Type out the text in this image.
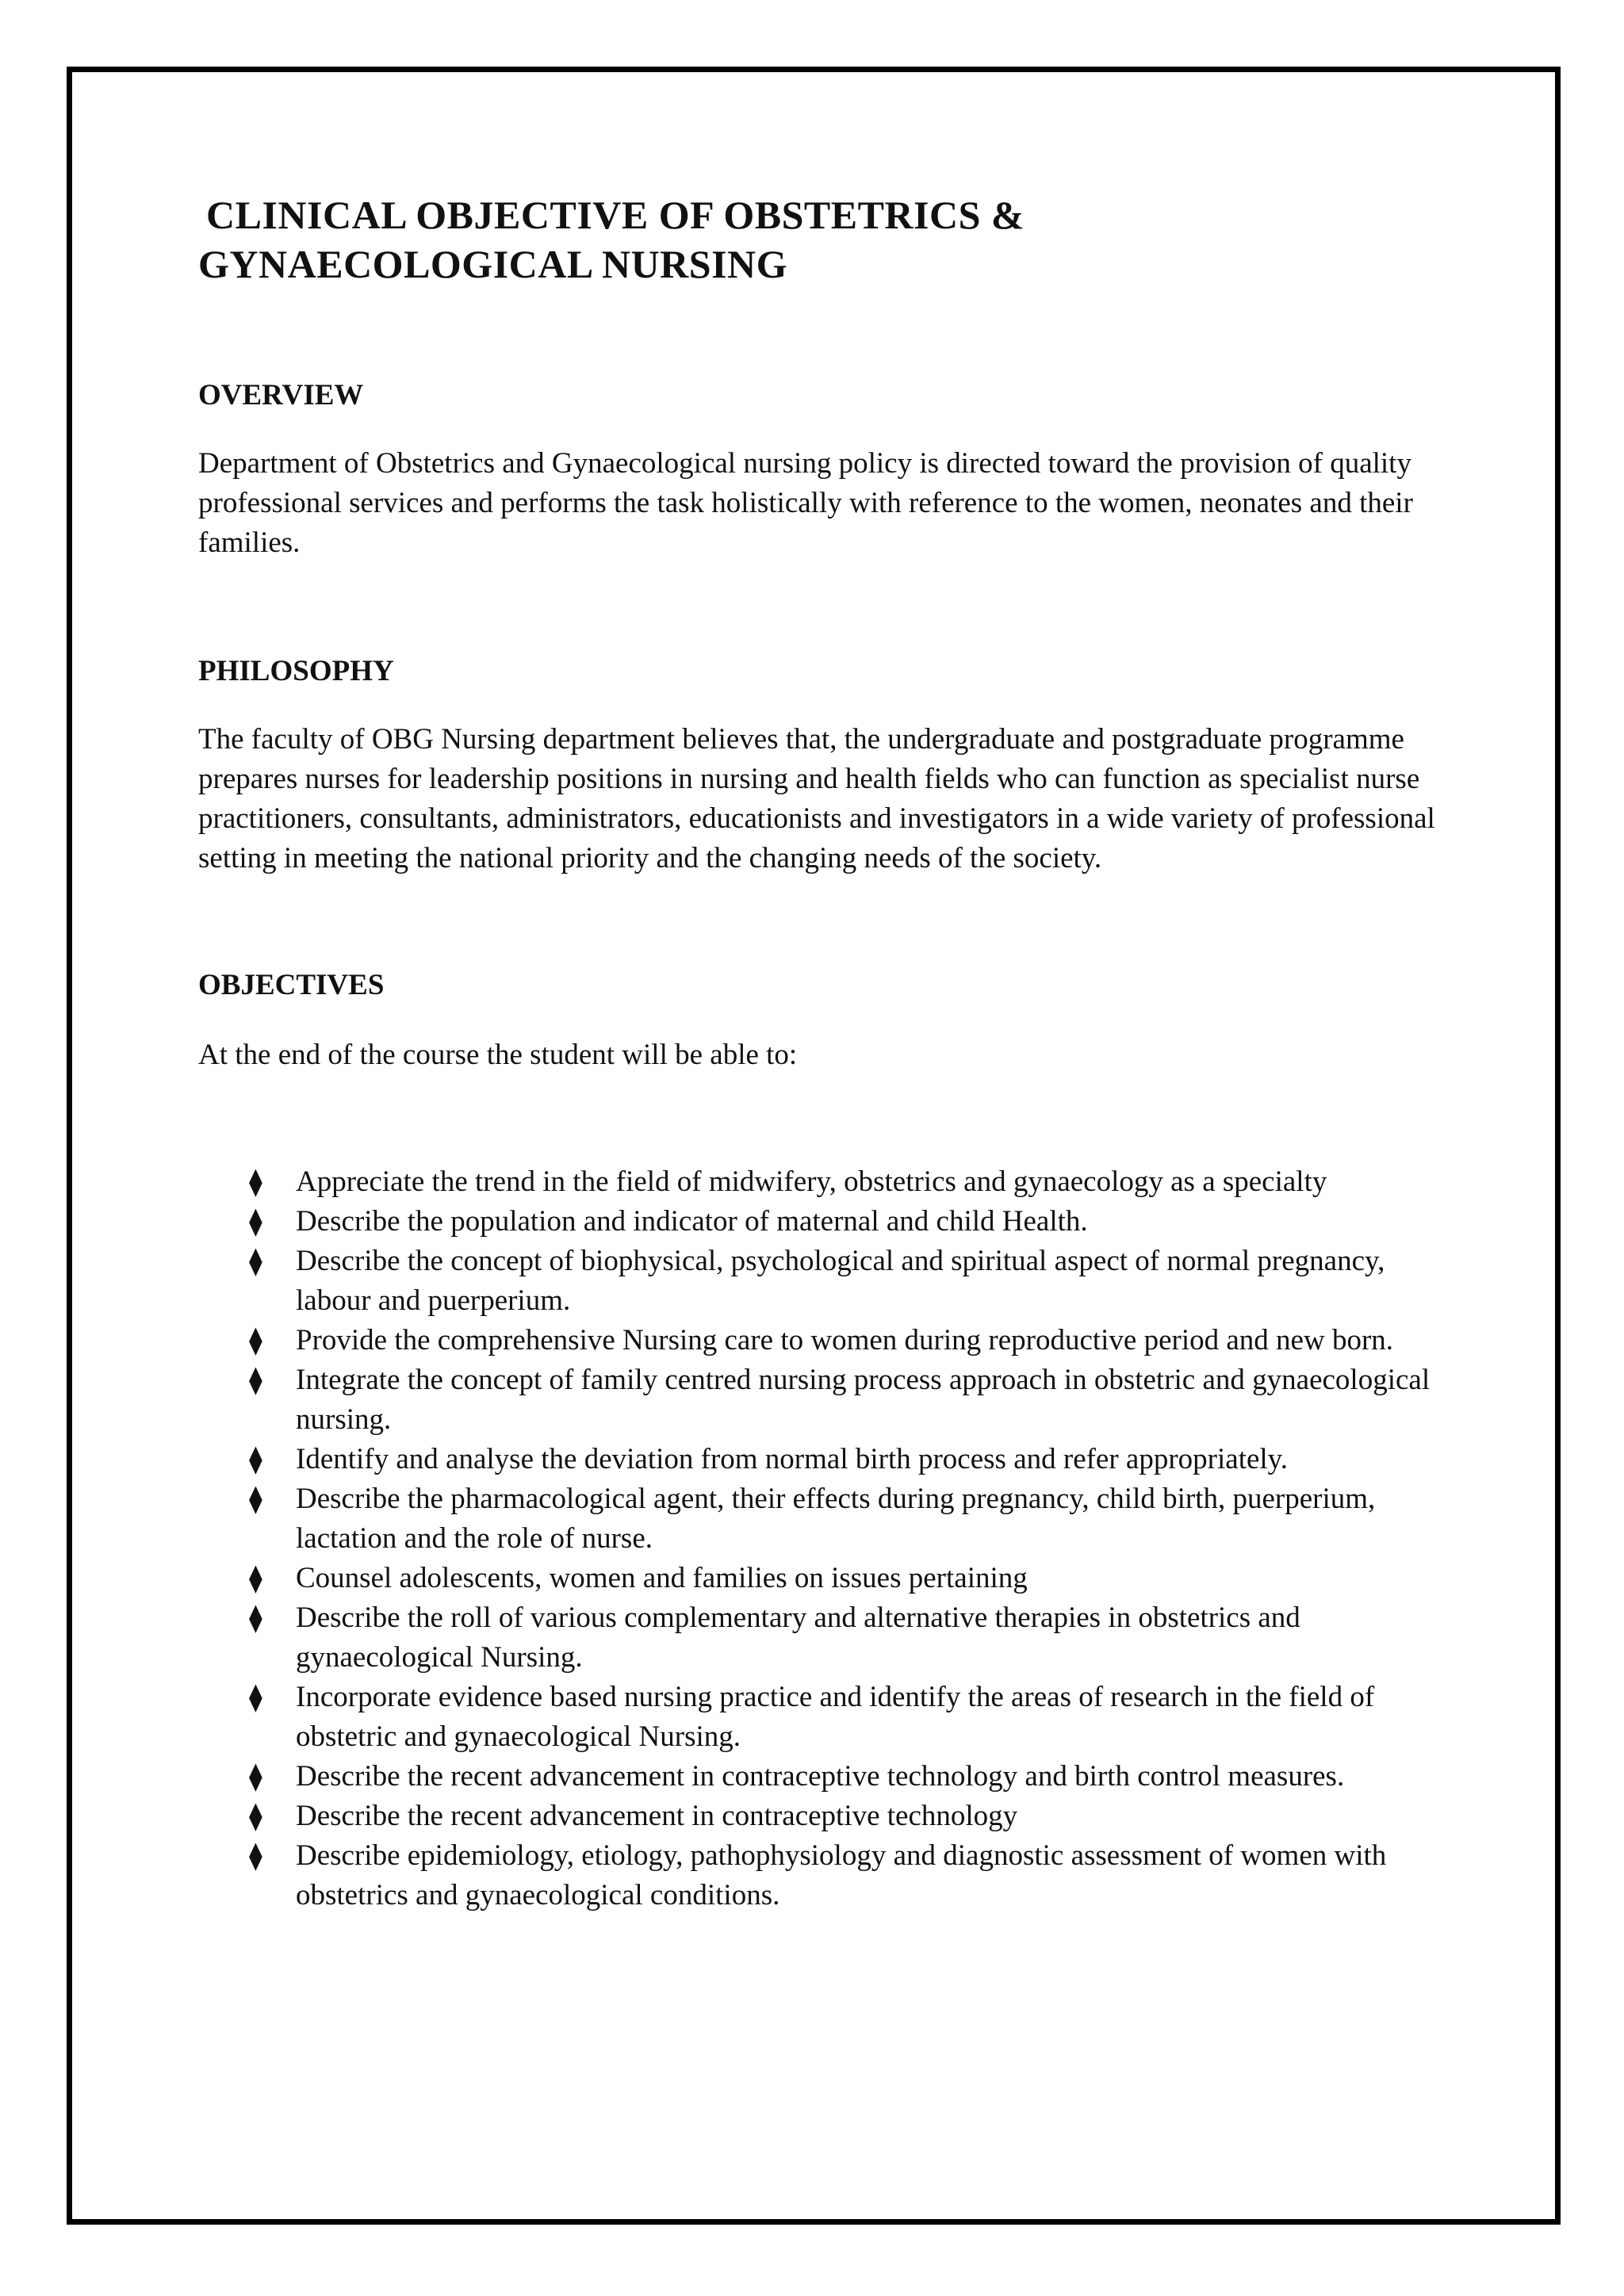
CLINICAL OBJECTIVE OF OBSTETRICS &
GYNAECOLOGICAL NURSING
OVERVIEW

Department of Obstetrics and Gynaecological nursing policy is directed toward the provision of quality professional services and performs the task holistically with reference to the women, neonates and their families.

PHILOSOPHY

The faculty of OBG Nursing department believes that, the undergraduate and postgraduate programme prepares nurses for leadership positions in nursing and health fields who can function as specialist nurse practitioners, consultants, administrators, educationists and investigators in a wide variety of professional setting in meeting the national priority and the changing needs of the society.

OBJECTIVES

At the end of the course the student will be able to:

⧫ Appreciate the trend in the field of midwifery, obstetrics and gynaecology as a specialty
⧫ Describe the population and indicator of maternal and child Health.
⧫ Describe the concept of biophysical, psychological and spiritual aspect of normal pregnancy, labour and puerperium.
⧫ Provide the comprehensive Nursing care to women during reproductive period and new born.
⧫ Integrate the concept of family centred nursing process approach in obstetric and gynaecological nursing.
⧫ Identify and analyse the deviation from normal birth process and refer appropriately.
⧫ Describe the pharmacological agent, their effects during pregnancy, child birth, puerperium, lactation and the role of nurse.
⧫ Counsel adolescents, women and families on issues pertaining
⧫ Describe the roll of various complementary and alternative therapies in obstetrics and gynaecological Nursing.
⧫ Incorporate evidence based nursing practice and identify the areas of research in the field of obstetric and gynaecological Nursing.
⧫ Describe the recent advancement in contraceptive technology and birth control measures.
⧫ Describe the recent advancement in contraceptive technology
⧫ Describe epidemiology, etiology, pathophysiology and diagnostic assessment of women with obstetrics and gynaecological conditions.
